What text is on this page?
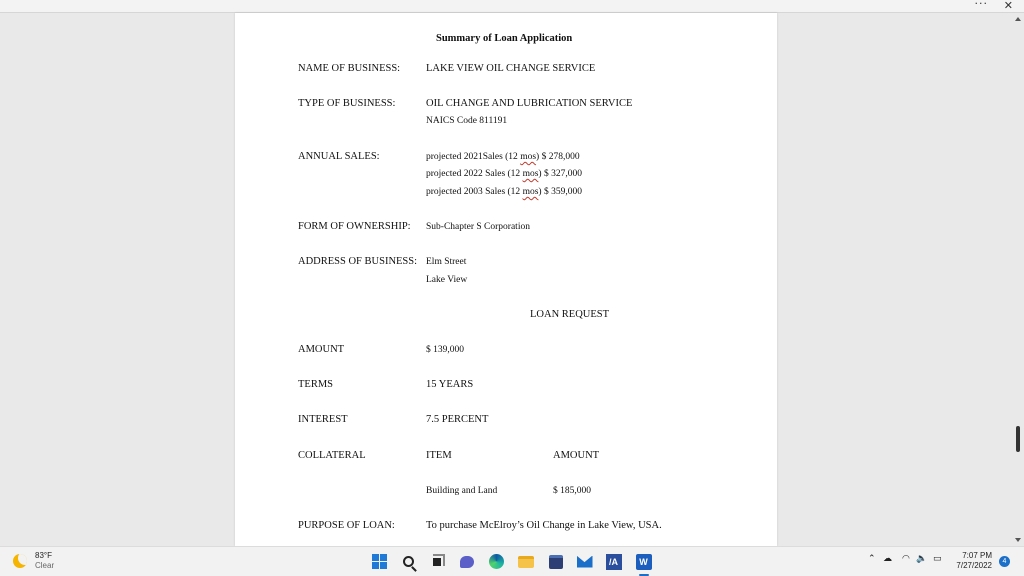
··· ✕
Summary of Loan Application
NAME OF BUSINESS: LAKE VIEW OIL CHANGE SERVICE
TYPE OF BUSINESS:	OIL CHANGE AND LUBRICATION SERVICE
NAICS Code 811191
ANNUAL SALES:	projected 2021Sales (12 mos) $ 278,000
projected 2022 Sales (12 mos) $ 327,000
projected 2003 Sales (12 mos) $ 359,000
FORM OF OWNERSHIP: Sub-Chapter S Corporation
ADDRESS OF BUSINESS: Elm Street
Lake View
LOAN REQUEST
AMOUNT	$ 139,000
TERMS	15 YEARS
INTEREST	7.5 PERCENT
COLLATERAL	ITEM	AMOUNT
Building and Land	$ 185,000
PURPOSE OF LOAN:	To purchase McElroy’s Oil Change in Lake View, USA.
83°F
Clear	/A	W	⌃ ☁ ◠ 🔈 ▭	7:07 PM
7/27/2022	4
